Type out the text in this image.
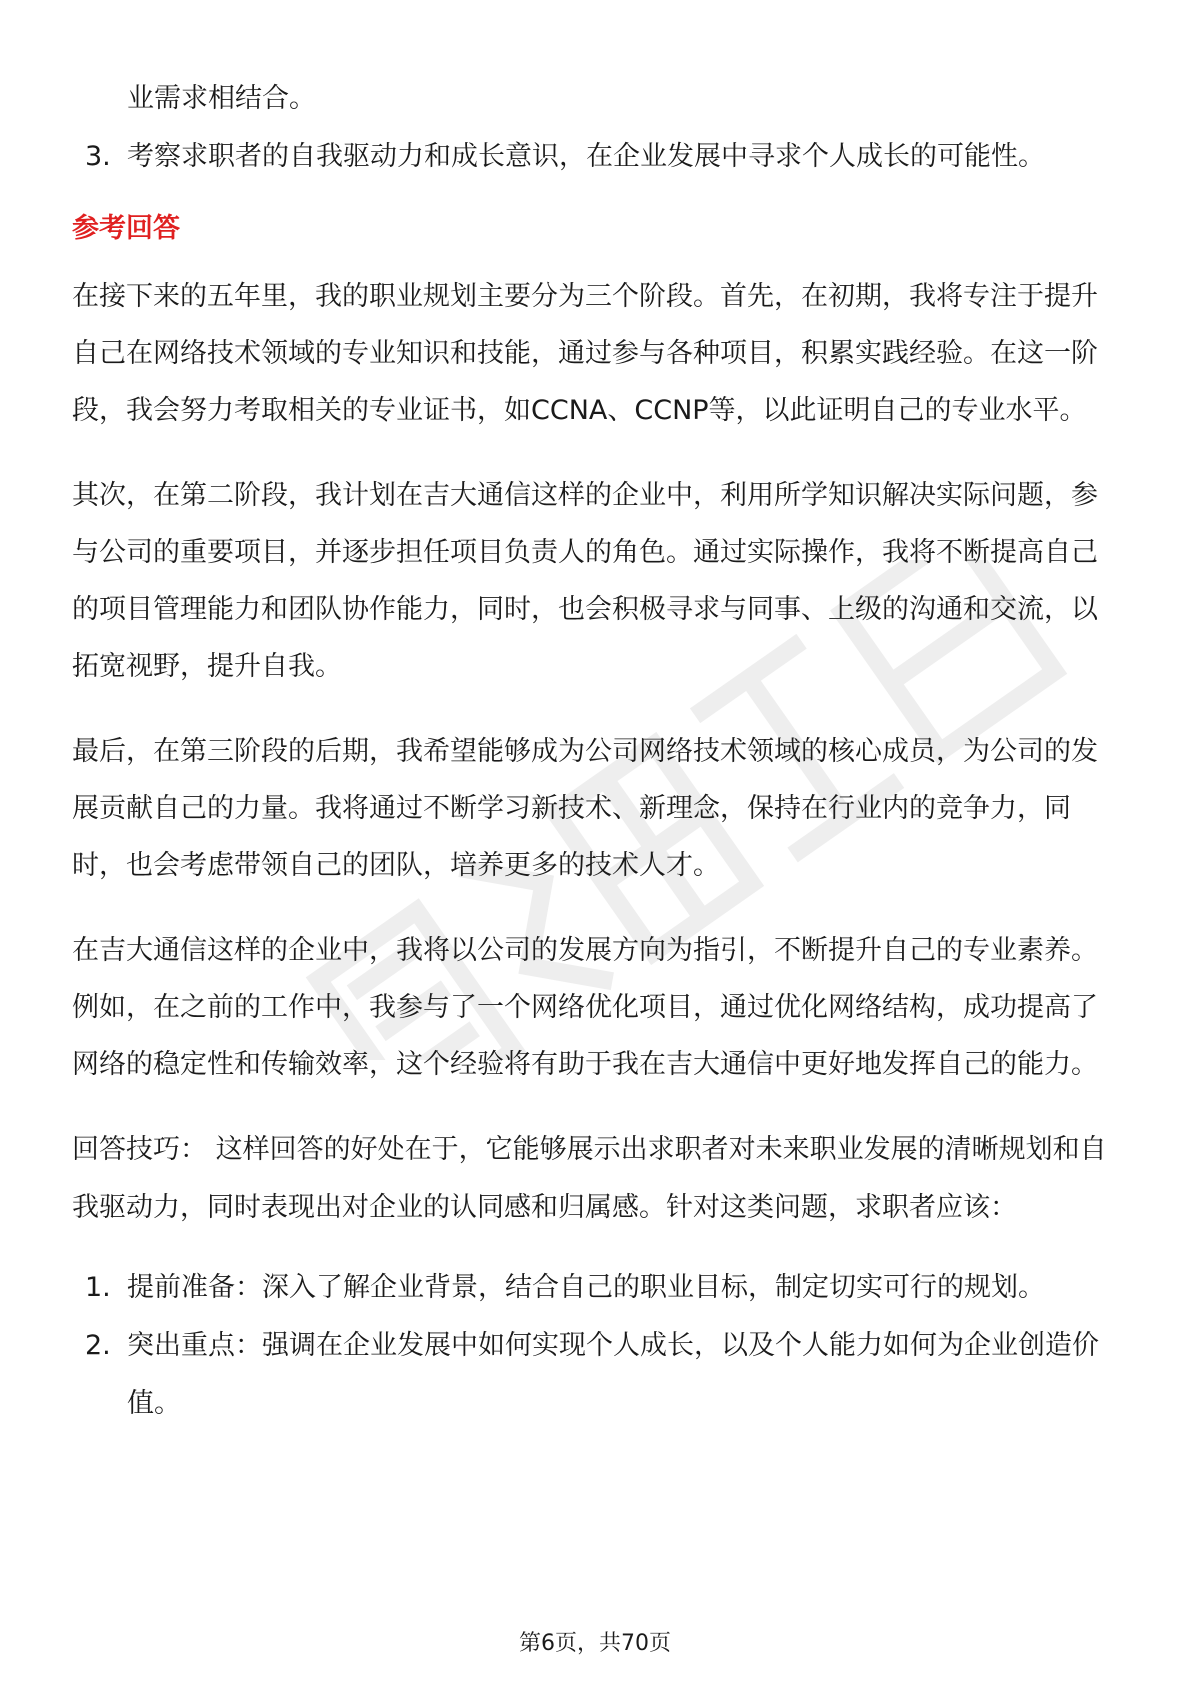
业需求相结合。
3. 考察求职者的自我驱动力和成长意识，在企业发展中寻求个人成长的可能性。
参考回答

在接下来的五年里，我的职业规划主要分为三个阶段。首先，在初期，我将专注于提升自己在网络技术领域的专业知识和技能，通过参与各种项目，积累实践经验。在这一阶段，我会努力考取相关的专业证书，如CCNA、CCNP等，以此证明自己的专业水平。

其次，在第二阶段，我计划在吉大通信这样的企业中，利用所学知识解决实际问题，参与公司的重要项目，并逐步担任项目负责人的角色。通过实际操作，我将不断提高自己的项目管理能力和团队协作能力，同时，也会积极寻求与同事、上级的沟通和交流，以拓宽视野，提升自我。

最后，在第三阶段的后期，我希望能够成为公司网络技术领域的核心成员，为公司的发展贡献自己的力量。我将通过不断学习新技术、新理念，保持在行业内的竞争力，同时，也会考虑带领自己的团队，培养更多的技术人才。

在吉大通信这样的企业中，我将以公司的发展方向为指引，不断提升自己的专业素养。例如，在之前的工作中，我参与了一个网络优化项目，通过优化网络结构，成功提高了网络的稳定性和传输效率，这个经验将有助于我在吉大通信中更好地发挥自己的能力。

回答技巧： 这样回答的好处在于，它能够展示出求职者对未来职业发展的清晰规划和自我驱动力，同时表现出对企业的认同感和归属感。针对这类问题，求职者应该：
1. 提前准备：深入了解企业背景，结合自己的职业目标，制定切实可行的规划。
2. 突出重点：强调在企业发展中如何实现个人成长，以及个人能力如何为企业创造价值。
第6页，共70页
